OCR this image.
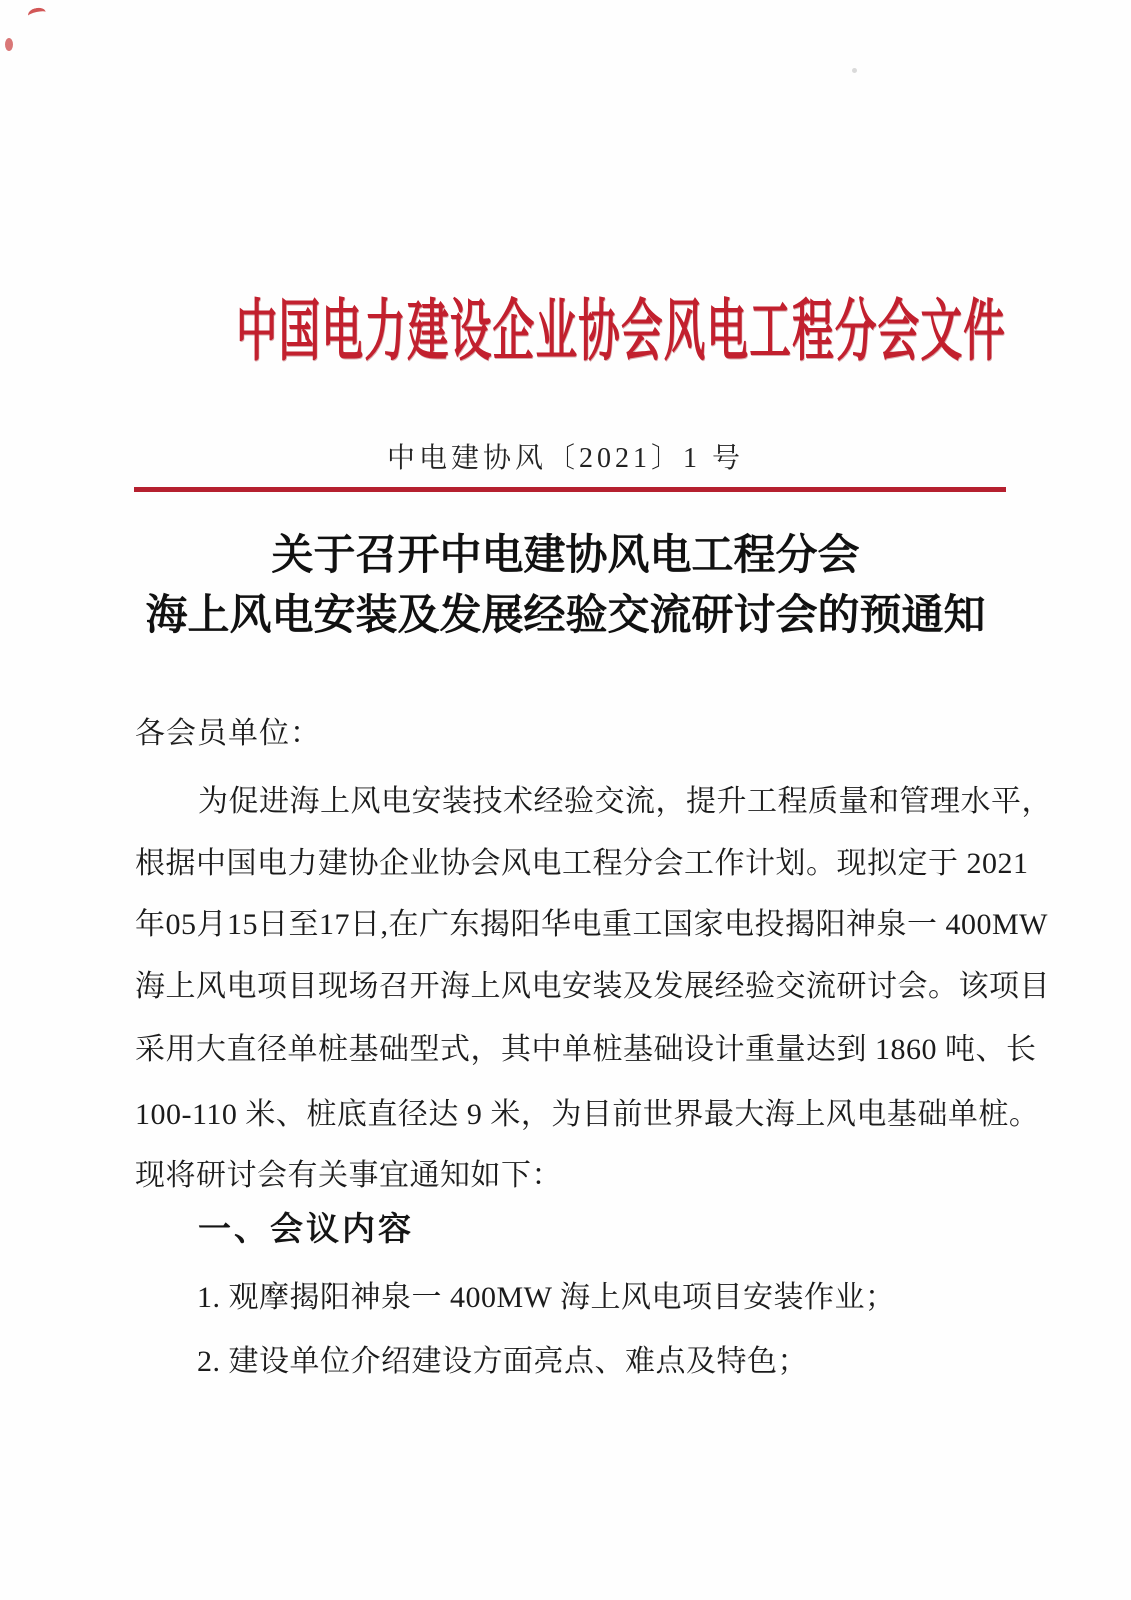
中国电力建设企业协会风电工程分会文件
中电建协风〔2021〕1 号
关于召开中电建协风电工程分会
海上风电安装及发展经验交流研讨会的预通知
各会员单位：
为促进海上风电安装技术经验交流，提升工程质量和管理水平，
根据中国电力建协企业协会风电工程分会工作计划。现拟定于 2021
年05月15日至17日,在广东揭阳华电重工国家电投揭阳神泉一 400MW
海上风电项目现场召开海上风电安装及发展经验交流研讨会。该项目
采用大直径单桩基础型式，其中单桩基础设计重量达到 1860 吨、长
100-110 米、桩底直径达 9 米，为目前世界最大海上风电基础单桩。
现将研讨会有关事宜通知如下：
一、会议内容
1. 观摩揭阳神泉一 400MW 海上风电项目安装作业；
2. 建设单位介绍建设方面亮点、难点及特色；
